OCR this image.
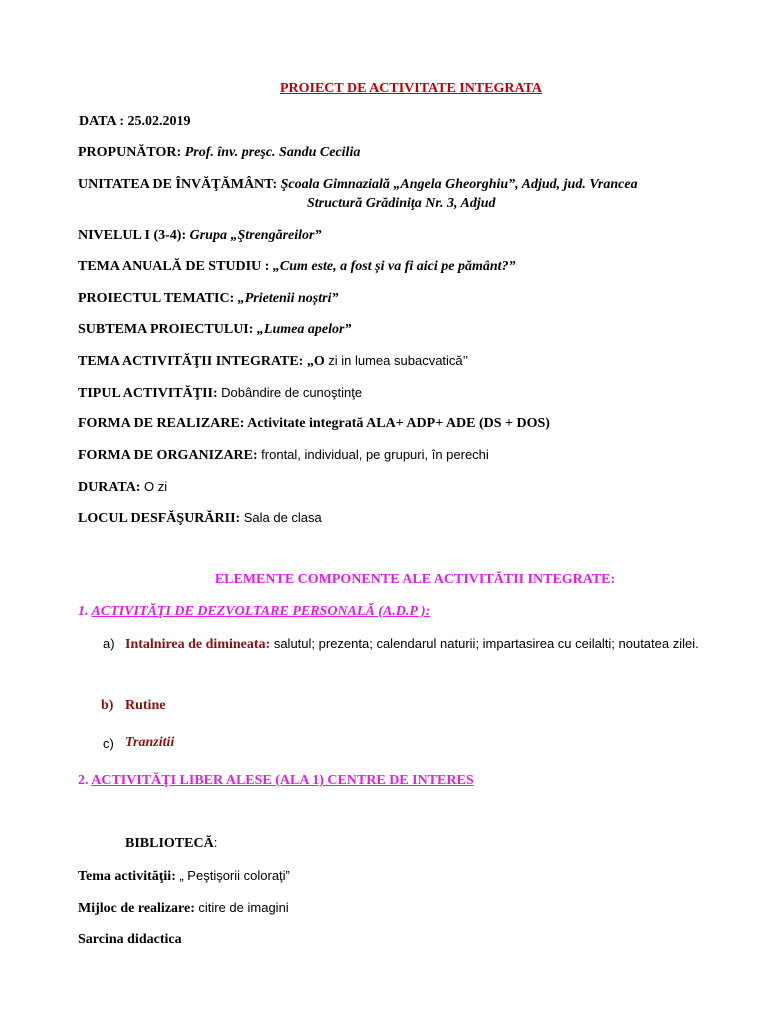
PROIECT DE ACTIVITATE INTEGRATA
DATA : 25.02.2019
PROPUNĂTOR: Prof. înv. preşc. Sandu Cecilia
UNITATEA DE ÎNVĂŢĂMÂNT: Şcoala Gimnazială „Angela Gheorghiu”, Adjud, jud. Vrancea
Structură Grădiniţa Nr. 3, Adjud
NIVELUL I (3-4): Grupa „Ştrengăreilor”
TEMA ANUALĂ DE STUDIU : „Cum este, a fost și va fi aici pe pământ?”
PROIECTUL TEMATIC: „Prietenii noștri”
SUBTEMA PROIECTULUI: „Lumea apelor”
TEMA ACTIVITĂŢII INTEGRATE: „O zi in lumea subacvatică’’
TIPUL ACTIVITĂŢII: Dobândire de cunoştinţe
FORMA DE REALIZARE: Activitate integrată ALA+ ADP+ ADE (DS + DOS)
FORMA DE ORGANIZARE: frontal, individual, pe grupuri, în perechi
DURATA: O zi
LOCUL DESFĂŞURĂRII: Sala de clasa
ELEMENTE COMPONENTE ALE ACTIVITĂTII INTEGRATE:
1. ACTIVITĂŢI DE DEZVOLTARE PERSONALĂ (A.D.P ):
a) Intalnirea de dimineata: salutul; prezenta; calendarul naturii; impartasirea cu ceilalti; noutatea zilei.
b) Rutine
c) Tranzitii
2. ACTIVITĂŢI LIBER ALESE (ALA 1) CENTRE DE INTERES
BIBLIOTECĂ:
Tema activităţii: „ Peştişorii coloraţi”
Mijloc de realizare: citire de imagini
Sarcina didactica
